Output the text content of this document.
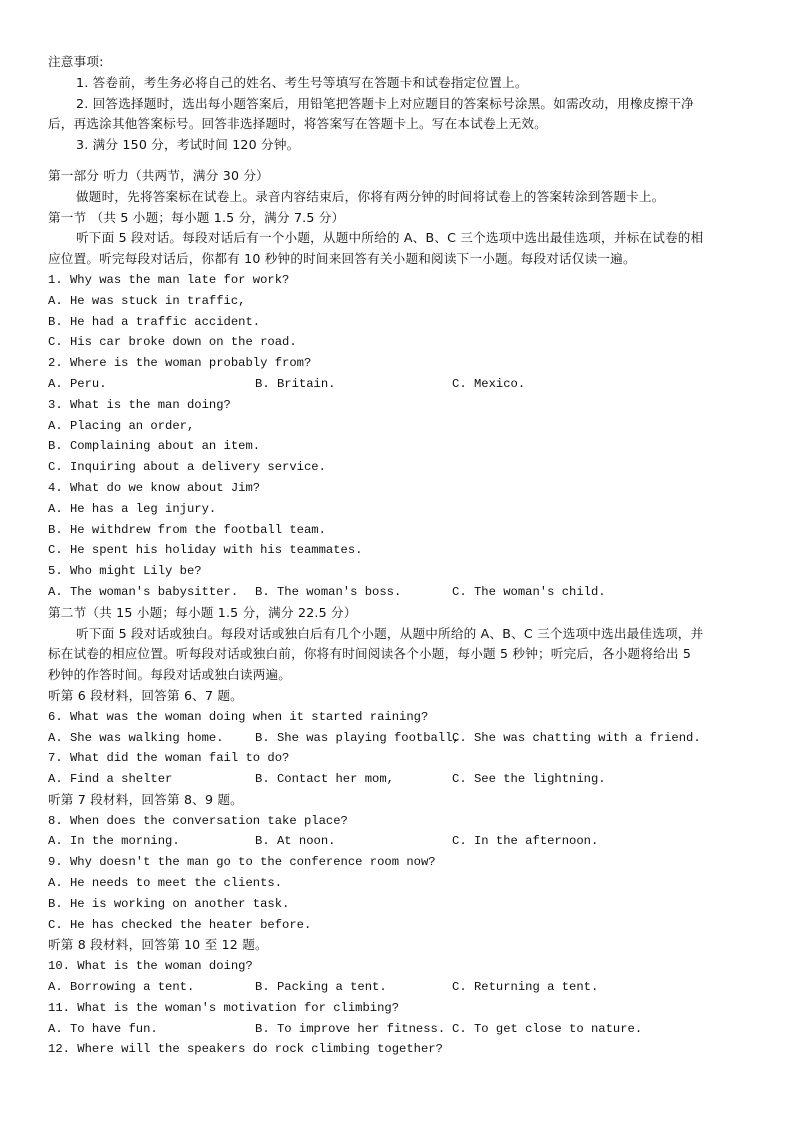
注意事项:
1. 答卷前，考生务必将自己的姓名、考生号等填写在答题卡和试卷指定位置上。
2. 回答选择题时，选出每小题答案后，用铅笔把答题卡上对应题目的答案标号涂黑。如需改动，用橡皮擦干净
后，再选涂其他答案标号。回答非选择题时，将答案写在答题卡上。写在本试卷上无效。
3. 满分 150 分，考试时间 120 分钟。
第一部分 听力（共两节，满分 30 分）
做题时，先将答案标在试卷上。录音内容结束后，你将有两分钟的时间将试卷上的答案转涂到答题卡上。
第一节 （共 5 小题；每小题 1.5 分，满分 7.5 分）
听下面 5 段对话。每段对话后有一个小题，从题中所给的 A、B、C 三个选项中选出最佳选项，并标在试卷的相
应位置。听完每段对话后，你都有 10 秒钟的时间来回答有关小题和阅读下一小题。每段对话仅读一遍。
1. Why was the man late for work?
A. He was stuck in traffic,
B. He had a traffic accident.
C. His car broke down on the road.
2. Where is the woman probably from?
A. Peru.	B. Britain.	C. Mexico.
3. What is the man doing?
A. Placing an order,
B. Complaining about an item.
C. Inquiring about a delivery service.
4. What do we know about Jim?
A. He has a leg injury.
B. He withdrew from the football team.
C. He spent his holiday with his teammates.
5. Who might Lily be?
A. The woman's babysitter.	B. The woman's boss.	C. The woman's child.
第二节（共 15 小题；每小题 1.5 分，满分 22.5 分）
听下面 5 段对话或独白。每段对话或独白后有几个小题，从题中所给的 A、B、C 三个选项中选出最佳选项，并
标在试卷的相应位置。听每段对话或独白前，你将有时间阅读各个小题，每小题 5 秒钟；听完后，各小题将给出 5
秒钟的作答时间。每段对话或独白读两遍。
听第 6 段材料，回答第 6、7 题。
6. What was the woman doing when it started raining?
A. She was walking home.	B. She was playing football,
C. She was chatting with a friend.
7. What did the woman fail to do?
A. Find a shelter	B. Contact her mom,	C. See the lightning.
听第 7 段材料，回答第 8、9 题。
8. When does the conversation take place?
A. In the morning.	B. At noon.	C. In the afternoon.
9. Why doesn't the man go to the conference room now?
A. He needs to meet the clients.
B. He is working on another task.
C. He has checked the heater before.
听第 8 段材料，回答第 10 至 12 题。
10. What is the woman doing?
A. Borrowing a tent.	B. Packing a tent.	C. Returning a tent.
11. What is the woman's motivation for climbing?
A. To have fun.	B. To improve her fitness. C. To get close to nature.
12. Where will the speakers do rock climbing together?
